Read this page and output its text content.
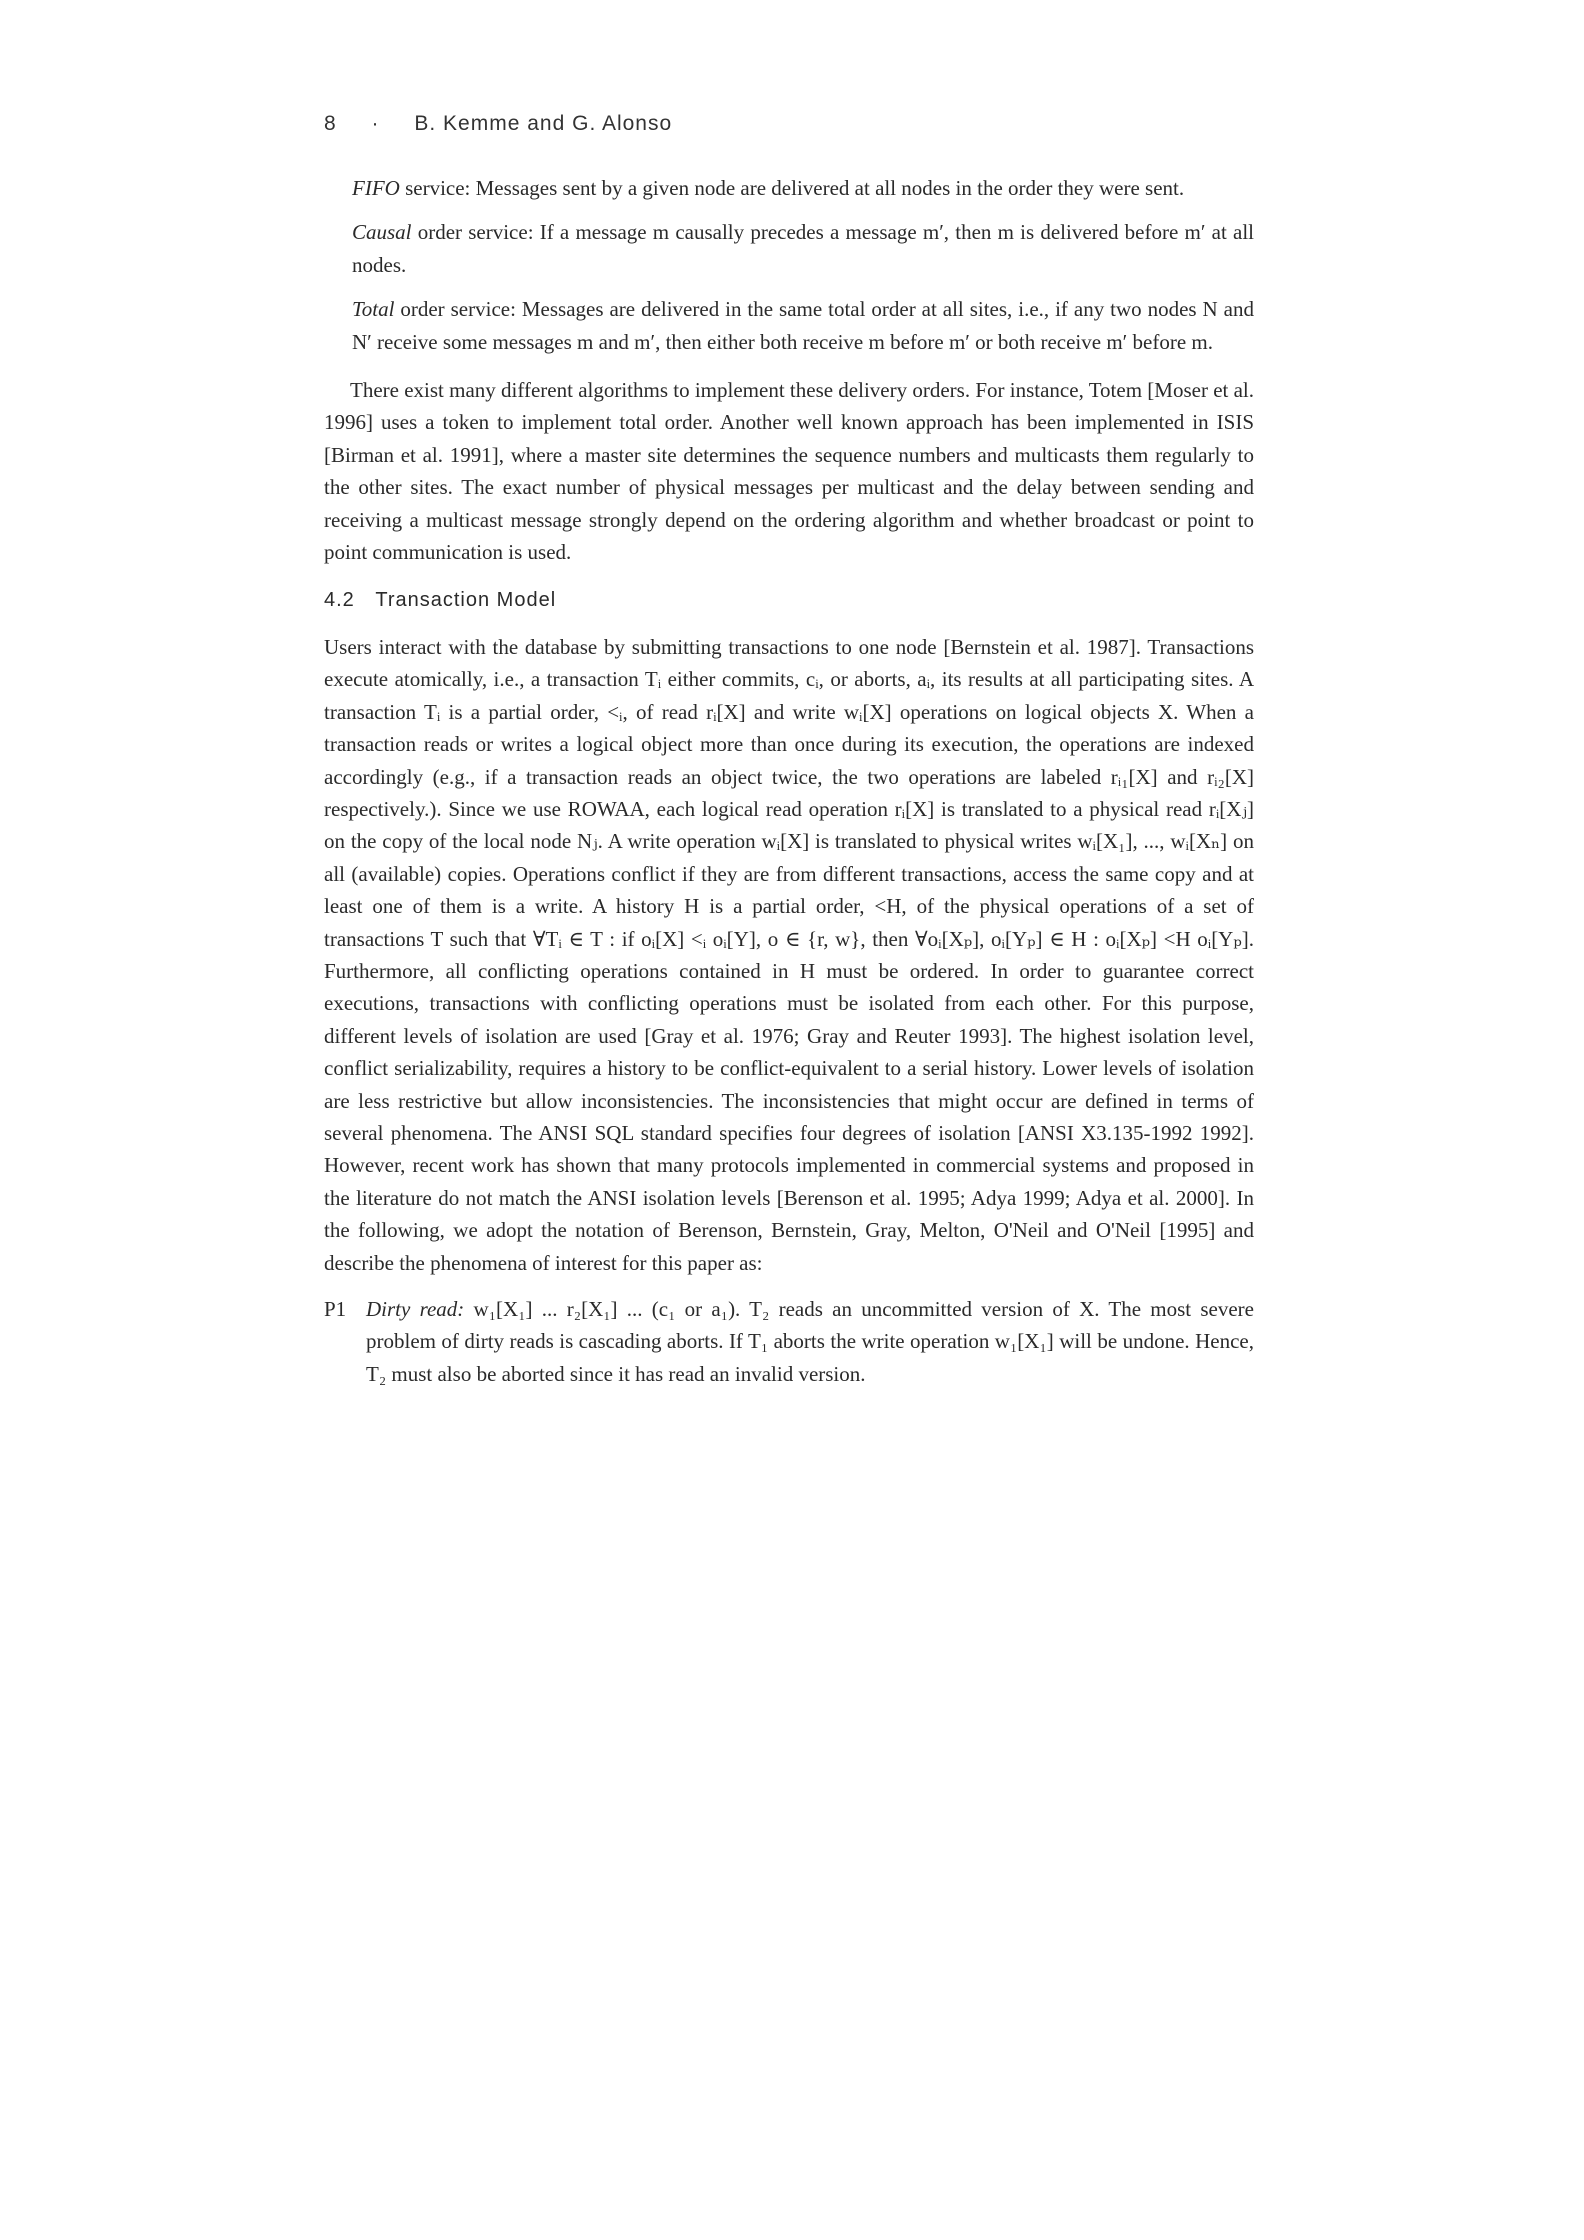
8 · B. Kemme and G. Alonso

FIFO service: Messages sent by a given node are delivered at all nodes in the order they were sent.

Causal order service: If a message m causally precedes a message m′, then m is delivered before m′ at all nodes.

Total order service: Messages are delivered in the same total order at all sites, i.e., if any two nodes N and N′ receive some messages m and m′, then either both receive m before m′ or both receive m′ before m.

There exist many different algorithms to implement these delivery orders. For instance, Totem [Moser et al. 1996] uses a token to implement total order. Another well known approach has been implemented in ISIS [Birman et al. 1991], where a master site determines the sequence numbers and multicasts them regularly to the other sites. The exact number of physical messages per multicast and the delay between sending and receiving a multicast message strongly depend on the ordering algorithm and whether broadcast or point to point communication is used.

4.2 Transaction Model

Users interact with the database by submitting transactions to one node [Bernstein et al. 1987]. Transactions execute atomically, i.e., a transaction Tᵢ either commits, cᵢ, or aborts, aᵢ, its results at all participating sites. A transaction Tᵢ is a partial order, <ᵢ, of read rᵢ[X] and write wᵢ[X] operations on logical objects X. When a transaction reads or writes a logical object more than once during its execution, the operations are indexed accordingly (e.g., if a transaction reads an object twice, the two operations are labeled rᵢ₁[X] and rᵢ₂[X] respectively.). Since we use ROWAA, each logical read operation rᵢ[X] is translated to a physical read rᵢ[Xⱼ] on the copy of the local node Nⱼ. A write operation wᵢ[X] is translated to physical writes wᵢ[X₁], ..., wᵢ[Xₙ] on all (available) copies. Operations conflict if they are from different transactions, access the same copy and at least one of them is a write. A history H is a partial order, <H, of the physical operations of a set of transactions T such that ∀Tᵢ ∈ T : if oᵢ[X] <ᵢ oᵢ[Y], o ∈ {r, w}, then ∀oᵢ[Xₚ], oᵢ[Yₚ] ∈ H : oᵢ[Xₚ] <H oᵢ[Yₚ]. Furthermore, all conflicting operations contained in H must be ordered. In order to guarantee correct executions, transactions with conflicting operations must be isolated from each other. For this purpose, different levels of isolation are used [Gray et al. 1976; Gray and Reuter 1993]. The highest isolation level, conflict serializability, requires a history to be conflict-equivalent to a serial history. Lower levels of isolation are less restrictive but allow inconsistencies. The inconsistencies that might occur are defined in terms of several phenomena. The ANSI SQL standard specifies four degrees of isolation [ANSI X3.135-1992 1992]. However, recent work has shown that many protocols implemented in commercial systems and proposed in the literature do not match the ANSI isolation levels [Berenson et al. 1995; Adya 1999; Adya et al. 2000]. In the following, we adopt the notation of Berenson, Bernstein, Gray, Melton, O'Neil and O'Neil [1995] and describe the phenomena of interest for this paper as:

P1 Dirty read: w₁[X₁] ... r₂[X₁] ... (c₁ or a₁). T₂ reads an uncommitted version of X. The most severe problem of dirty reads is cascading aborts. If T₁ aborts the write operation w₁[X₁] will be undone. Hence, T₂ must also be aborted since it has read an invalid version.
